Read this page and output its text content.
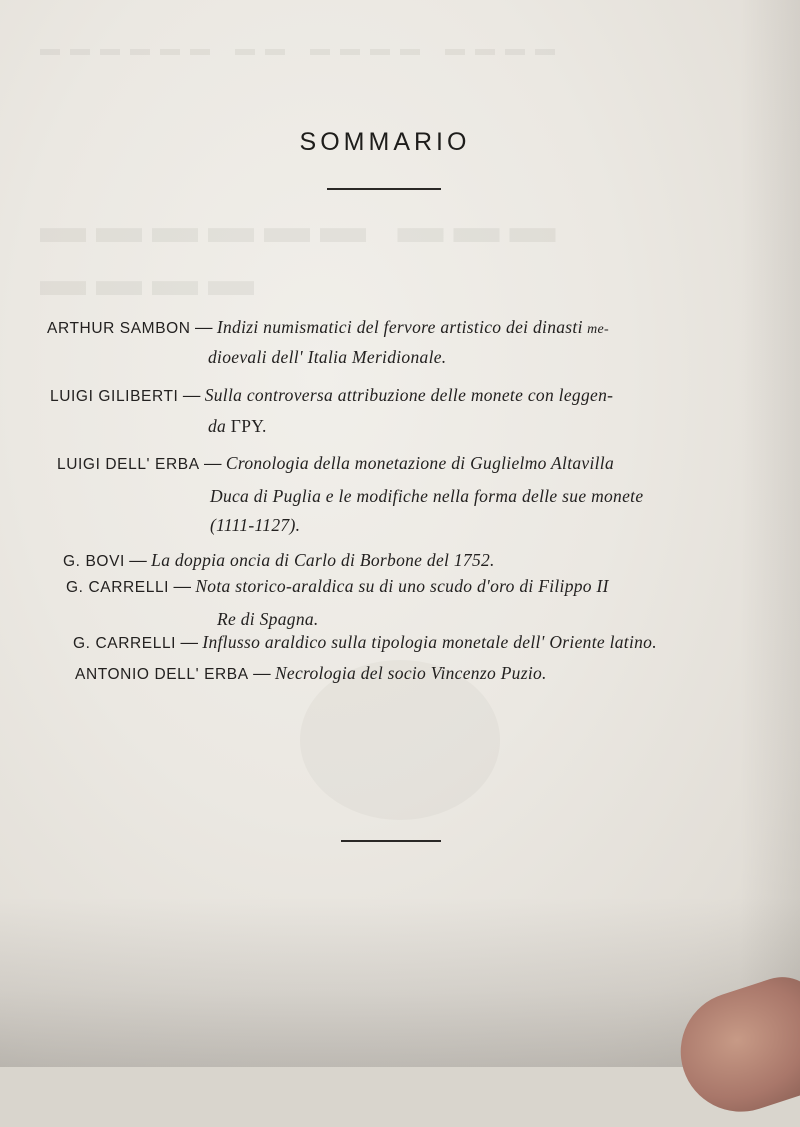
▬▬▬▬▬▬ ▬▬ ▬▬▬▬ ▬▬▬▬
▬▬▬▬▬▬ ▬▬▬ ▬▬▬▬
SOMMARIO
ARTHUR SAMBON — Indizi numismatici del fervore artistico dei dinasti me-
dioevali dell' Italia Meridionale.
LUIGI GILIBERTI — Sulla controversa attribuzione delle monete con leggen-
da ΓΡΥ.
LUIGI DELL' ERBA — Cronologia della monetazione di Guglielmo Altavilla
Duca di Puglia e le modifiche nella forma delle sue monete
(1111-1127).
G. BOVI — La doppia oncia di Carlo di Borbone del 1752.
G. CARRELLI — Nota storico-araldica su di uno scudo d'oro di Filippo II
Re di Spagna.
G. CARRELLI — Influsso araldico sulla tipologia monetale dell' Oriente latino.
ANTONIO DELL' ERBA — Necrologia del socio Vincenzo Puzio.
